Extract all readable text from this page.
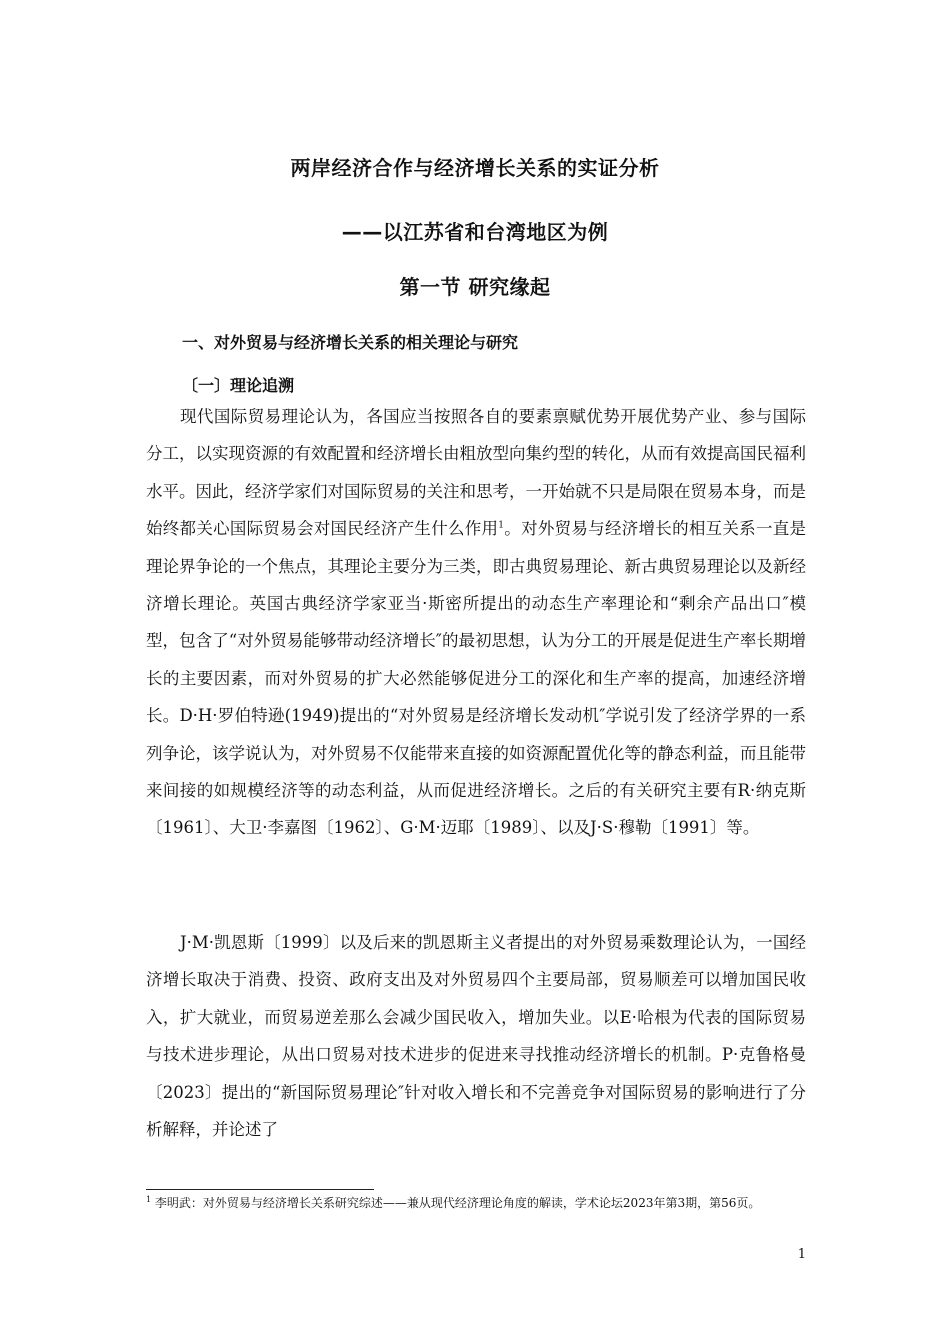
两岸经济合作与经济增长关系的实证分析
——以江苏省和台湾地区为例
第一节 研究缘起
一、对外贸易与经济增长关系的相关理论与研究
〔一〕理论追溯

现代国际贸易理论认为，各国应当按照各自的要素禀赋优势开展优势产业、参与国际分工，以实现资源的有效配置和经济增长由粗放型向集约型的转化，从而有效提高国民福利水平。因此，经济学家们对国际贸易的关注和思考，一开始就不只是局限在贸易本身，而是始终都关心国际贸易会对国民经济产生什么作用$^1$。对外贸易与经济增长的相互关系一直是理论界争论的一个焦点，其理论主要分为三类，即古典贸易理论、新古典贸易理论以及新经济增长理论。英国古典经济学家亚当·斯密所提出的动态生产率理论和“剩余产品出口″模型，包含了“对外贸易能够带动经济增长″的最初思想，认为分工的开展是促进生产率长期增长的主要因素，而对外贸易的扩大必然能够促进分工的深化和生产率的提高，加速经济增长。D·H·罗伯特逊(1949)提出的“对外贸易是经济增长发动机″学说引发了经济学界的一系列争论，该学说认为，对外贸易不仅能带来直接的如资源配置优化等的静态利益，而且能带来间接的如规模经济等的动态利益，从而促进经济增长。之后的有关研究主要有R·纳克斯〔1961〕、大卫·李嘉图〔1962〕、G·M·迈耶〔1989〕、以及J·S·穆勒〔1991〕等。

J·M·凯恩斯〔1999〕以及后来的凯恩斯主义者提出的对外贸易乘数理论认为，一国经济增长取决于消费、投资、政府支出及对外贸易四个主要局部，贸易顺差可以增加国民收入，扩大就业，而贸易逆差那么会减少国民收入，增加失业。以E·哈根为代表的国际贸易与技术进步理论，从出口贸易对技术进步的促进来寻找推动经济增长的机制。P·克鲁格曼〔2023〕提出的“新国际贸易理论″针对收入增长和不完善竞争对国际贸易的影响进行了分析解释，并论述了

$^1$ 李明武：对外贸易与经济增长关系研究综述——兼从现代经济理论角度的解读，学术论坛2023年第3期，第56页。

1
